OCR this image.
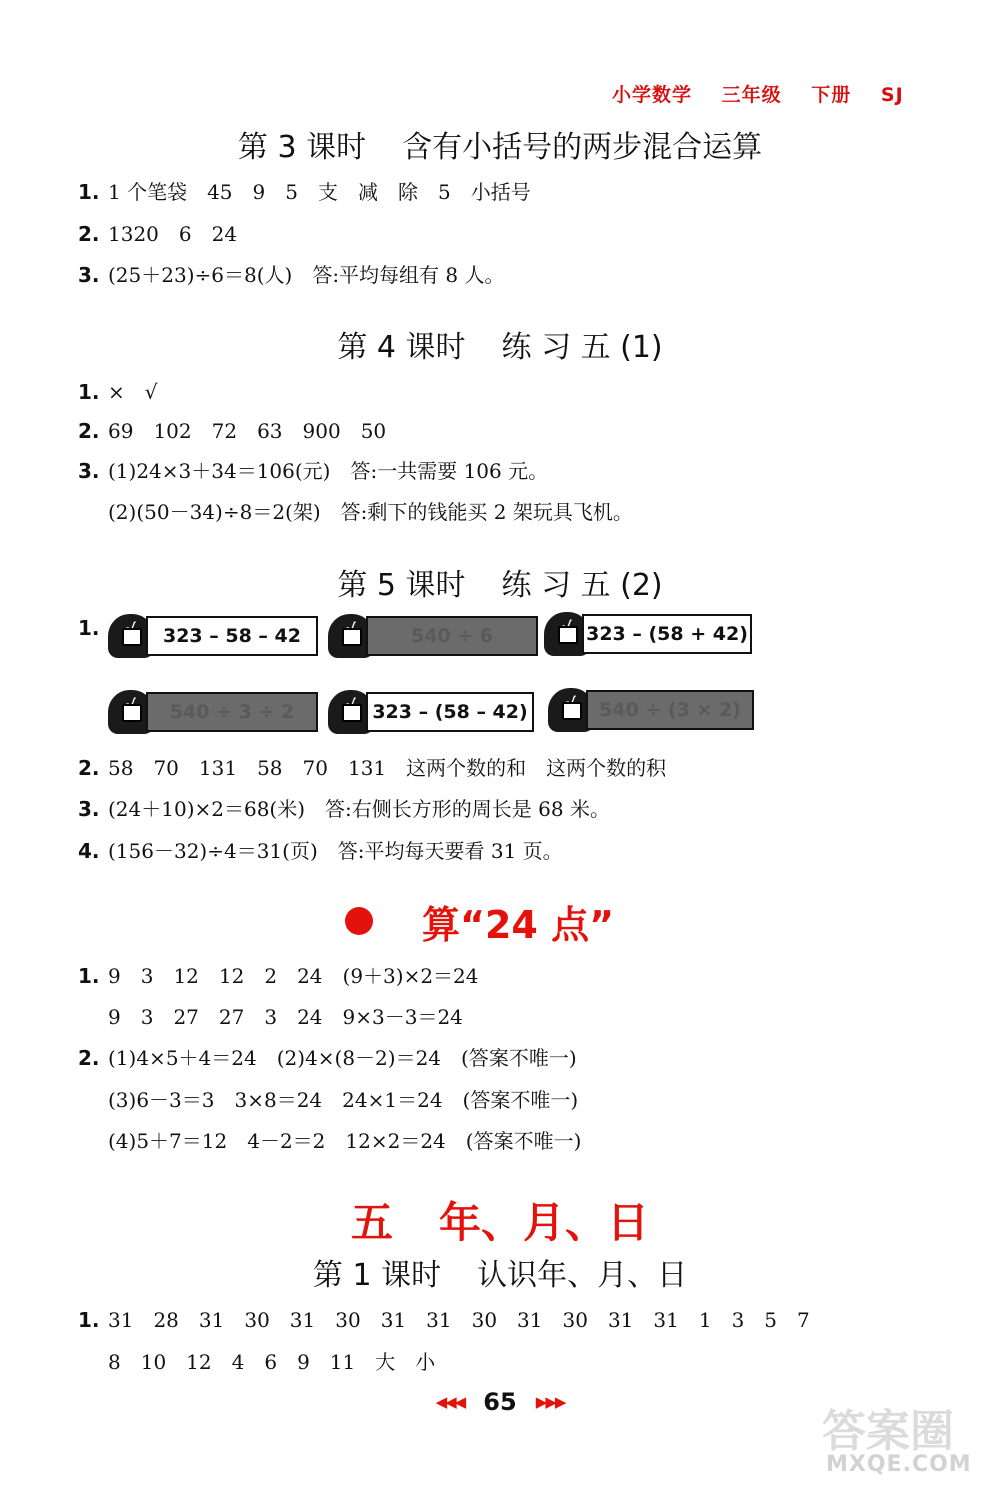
小学数学 三年级 下册 SJ
第 3 课时 含有小括号的两步混合运算
1. 1 个笔袋　45　9　5　支　减　除　5　小括号
2. 1320　6　24
3. (25＋23)÷6＝8(人)　答:平均每组有 8 人。
第 4 课时 练 习 五 (1)
1. ×　√
2. 69　102　72　63　900　50
3. (1)24×3＋34＝106(元)　答:一共需要 106 元。
(2)(50－34)÷8＝2(架)　答:剩下的钱能买 2 架玩具飞机。
第 5 课时 练 习 五 (2)
1.	323 – 58 – 42	540 ÷ 6	323 – (58 + 42)
540 ÷ 3 ÷ 2	323 – (58 – 42)	540 ÷ (3 × 2)
2. 58　70　131　58　70　131　这两个数的和　这两个数的积
3. (24＋10)×2＝68(米)　答:右侧长方形的周长是 68 米。
4. (156－32)÷4＝31(页)　答:平均每天要看 31 页。
算“24 点”
1. 9　3　12　12　2　24　(9＋3)×2＝24
9　3　27　27　3　24　9×3－3＝24
2. (1)4×5＋4＝24　(2)4×(8－2)＝24　(答案不唯一)
(3)6－3＝3　3×8＝24　24×1＝24　(答案不唯一)
(4)5＋7＝12　4－2＝2　12×2＝24　(答案不唯一)
五 年、月、日
第 1 课时 认识年、月、日
1. 31　28　31　30　31　30　31　31　30　31　30　31　31　1　3　5　7
8　10　12　4　6　9　11　大　小
◀◀◀ 65 ▶▶▶
答案圈
MXQE.COM
